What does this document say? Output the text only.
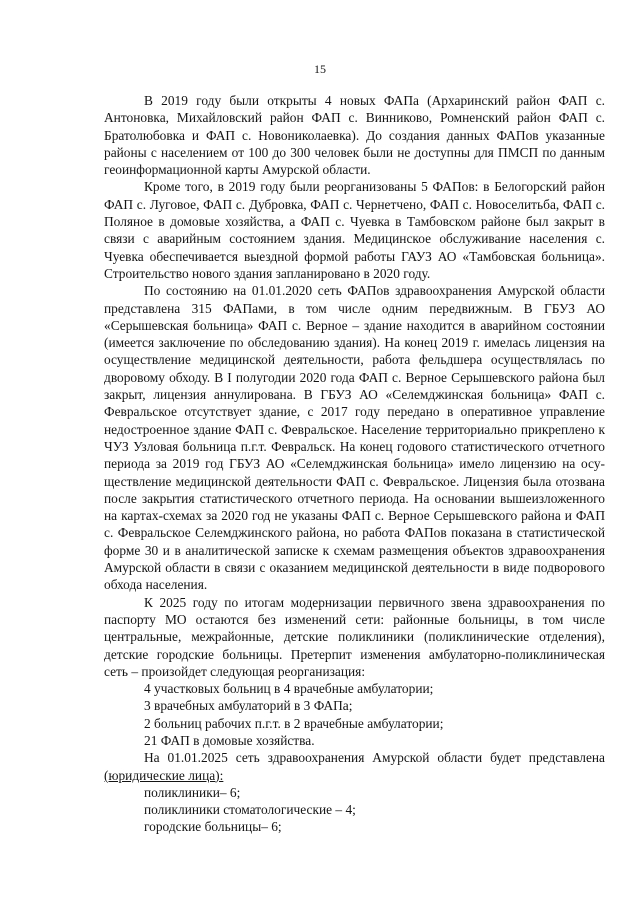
15

В 2019 году были открыты 4 новых ФАПа (Архаринский район ФАП с. Антоновка, Михайловский район ФАП с. Винниково, Ромненский район ФАП с. Братолюбовка и ФАП с. Новониколаевка). До создания данных ФАПов указанные районы с населением от 100 до 300 человек были не доступны для ПМСП по данным геоинформационной карты Амурской области.

Кроме того, в 2019 году были реорганизованы 5 ФАПов: в Белогорский район ФАП с. Луговое, ФАП с. Дубровка, ФАП с. Чернетчено, ФАП с. Новоселитьба, ФАП с. Поляное в домовые хозяйства, а ФАП с. Чуевка в Тамбовском районе был закрыт в связи с аварийным состоянием здания. Медицинское обслуживание населения с. Чуевка обеспечивается выездной формой работы ГАУЗ АО «Тамбовская больница». Строительство нового здания запланировано в 2020 году.

По состоянию на 01.01.2020 сеть ФАПов здравоохранения Амурской области представлена 315 ФАПами, в том числе одним передвижным. В ГБУЗ АО «Серышевская больница» ФАП с. Верное – здание находится в аварийном состоянии (имеется заключение по обследованию здания). На конец 2019 г. имелась лицензия на осуществление медицинской деятельности, работа фельдшера осуществлялась по дворовому обходу. В I полугодии 2020 года ФАП с. Верное Серышевского района был закрыт, лицензия аннулирована. В ГБУЗ АО «Селемджинская больница» ФАП с. Февральское отсутствует здание, с 2017 году передано в оперативное управление недостроенное здание ФАП с. Февральское. Население территориально прикреплено к ЧУЗ Узловая больница п.г.т. Февральск. На конец годового статистического отчетного периода за 2019 год ГБУЗ АО «Селемджинская больница» имело лицензию на осуществление медицинской деятельности ФАП с. Февральское. Лицензия была отозвана после закрытия статистического отчетного периода. На основании вышеизложенного на картах-схемах за 2020 год не указаны ФАП с. Верное Серышевского района и ФАП с. Февральское Селемджинского района, но работа ФАПов показана в статистической форме 30 и в аналитической записке к схемам размещения объектов здравоохранения Амурской области в связи с оказанием медицинской деятельности в виде подворового обхода населения.

К 2025 году по итогам модернизации первичного звена здравоохранения по паспорту МО остаются без изменений сети: районные больницы, в том числе центральные, межрайонные, детские поликлиники (поликлинические отделения), детские городские больницы. Претерпит изменения амбулаторно-поликлиническая сеть – произойдет следующая реорганизация:

4 участковых больниц в 4 врачебные амбулатории;

3 врачебных амбулаторий в 3 ФАПа;

2 больниц рабочих п.г.т. в 2 врачебные амбулатории;

21 ФАП в домовые хозяйства.

На 01.01.2025 сеть здравоохранения Амурской области будет представлена (юридические лица):

поликлиники– 6;

поликлиники стоматологические – 4;

городские больницы– 6;
